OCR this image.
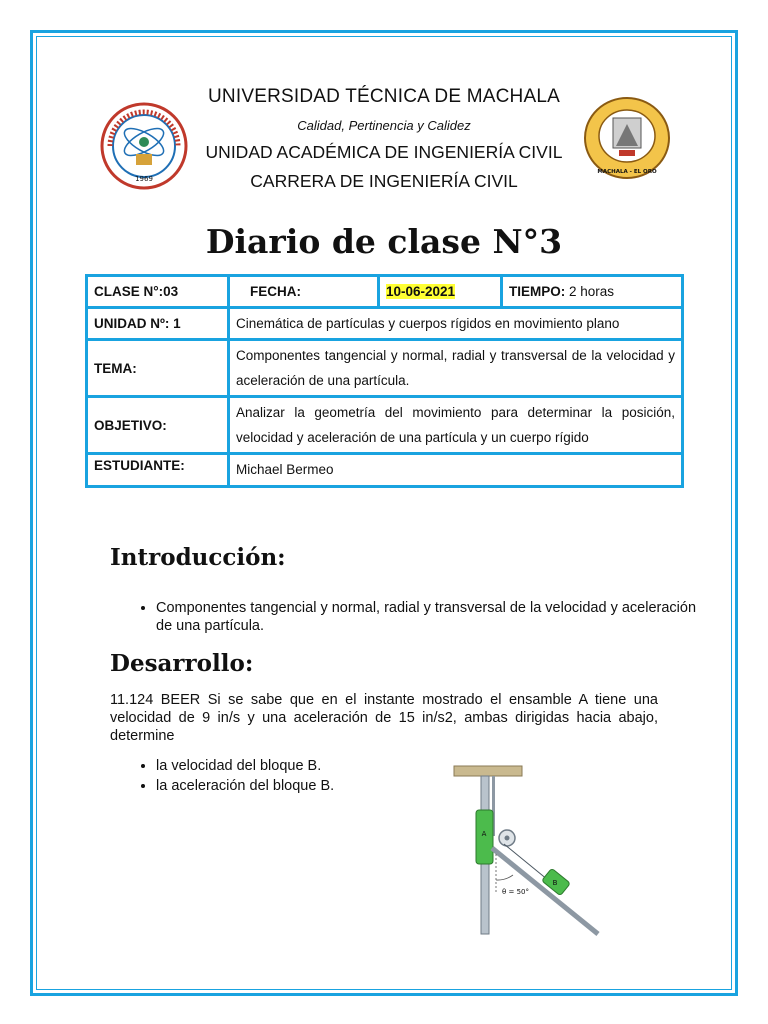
1969
UNIVERSIDAD TÉCNICA DE MACHALA
Calidad, Pertinencia y Calidez
UNIDAD ACADÉMICA DE INGENIERÍA CIVIL
CARRERA DE INGENIERÍA CIVIL	MACHALA - EL ORO
Diario de clase N°3
CLASE N°:03	FECHA:	10-06-2021	TIEMPO: 2 horas
UNIDAD Nº: 1	Cinemática de partículas y cuerpos rígidos en movimiento plano		
TEMA:	Componentes tangencial y normal, radial y transversal de la velocidad y aceleración de una partícula.		
OBJETIVO:	Analizar la geometría del movimiento para determinar la posición, velocidad y aceleración de una partícula y un cuerpo rígido		
ESTUDIANTE:	Michael Bermeo		
Introducción:
• Componentes tangencial y normal, radial y transversal de la velocidad y aceleración de una partícula.
Desarrollo:
11.124 BEER Si se sabe que en el instante mostrado el ensamble A tiene una velocidad de 9 in/s y una aceleración de 15 in/s2, ambas dirigidas hacia abajo, determine
• la velocidad del bloque B.
• la aceleración del bloque B.
A
B
θ = 50°
